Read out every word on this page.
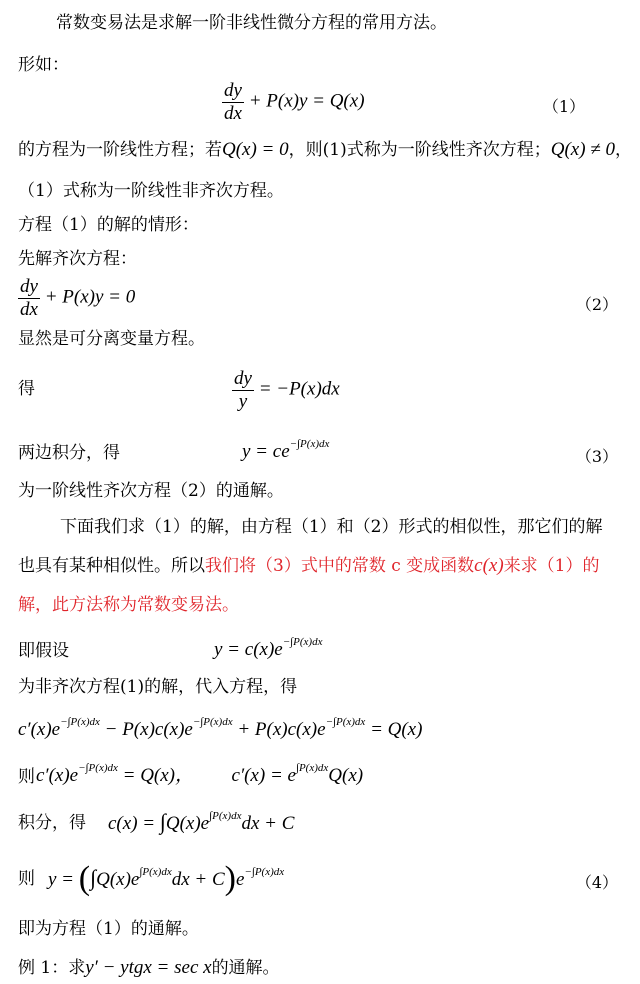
常数变易法是求解一阶非线性微分方程的常用方法。
形如：
$\frac{dy}{dx} + P(x)y = Q(x)$	（1）
的方程为一阶线性方程；若Q(x) = 0，则(1)式称为一阶线性齐次方程；Q(x) ≠ 0，
（1）式称为一阶线性非齐次方程。
方程（1）的解的情形：
先解齐次方程：
$\frac{dy}{dx} + P(x)y = 0$	（2）
显然是可分离变量方程。
得	$\frac{dy}{y} = -P(x)dx$
两边积分，得	$y = ce^{-\int P(x)dx}$
（3）
为一阶线性齐次方程（2）的通解。
下面我们求（1）的解，由方程（1）和（2）形式的相似性，那它们的解
也具有某种相似性。所以我们将（3）式中的常数 c 变成函数c(x)来求（1）的
解，此方法称为常数变易法。
即假设	$y = c(x)e^{-\int P(x)dx}$
为非齐次方程(1)的解，代入方程，得
$c'(x)e^{-\int P(x)dx} - P(x)c(x)e^{-\int P(x)dx} + P(x)c(x)e^{-\int P(x)dx} = Q(x)$
则 $c'(x)e^{-\int P(x)dx} = Q(x)$， $c'(x) = e^{\int P(x)dx}Q(x)$
积分，得 $c(x) = \int Q(x)e^{\int P(x)dx}dx + C$
则 $y = (\int Q(x)e^{\int P(x)dx}dx + C)e^{-\int P(x)dx}$
（4）
即为方程（1）的通解。
例 1：求y′ − ytgx = sec x的通解。
